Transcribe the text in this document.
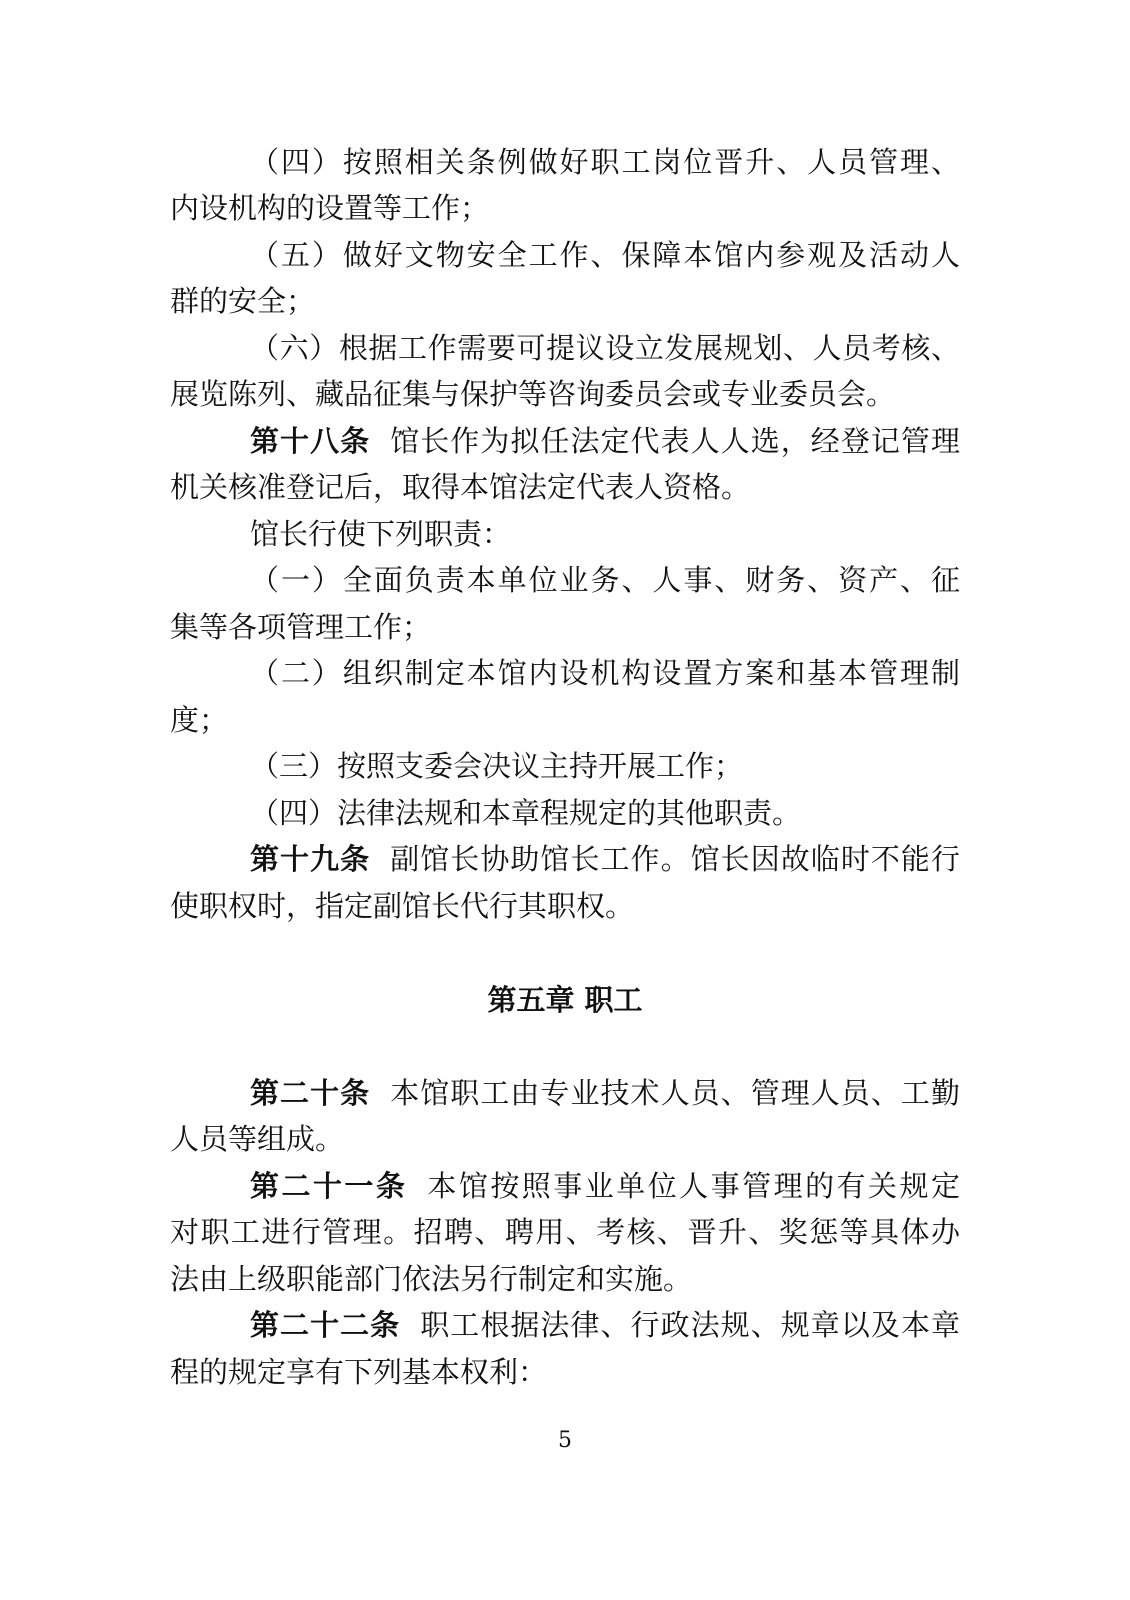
（四）按照相关条例做好职工岗位晋升、人员管理、
内设机构的设置等工作；
（五）做好文物安全工作、保障本馆内参观及活动人
群的安全；
（六）根据工作需要可提议设立发展规划、人员考核、
展览陈列、藏品征集与保护等咨询委员会或专业委员会。
第十八条 馆长作为拟任法定代表人人选，经登记管理
机关核准登记后，取得本馆法定代表人资格。
馆长行使下列职责：
（一）全面负责本单位业务、人事、财务、资产、征
集等各项管理工作；
（二）组织制定本馆内设机构设置方案和基本管理制
度；
（三）按照支委会决议主持开展工作；
（四）法律法规和本章程规定的其他职责。
第十九条 副馆长协助馆长工作。馆长因故临时不能行
使职权时，指定副馆长代行其职权。
第五章 职工
第二十条 本馆职工由专业技术人员、管理人员、工勤
人员等组成。
第二十一条 本馆按照事业单位人事管理的有关规定
对职工进行管理。招聘、聘用、考核、晋升、奖惩等具体办
法由上级职能部门依法另行制定和实施。
第二十二条 职工根据法律、行政法规、规章以及本章
程的规定享有下列基本权利：
5
